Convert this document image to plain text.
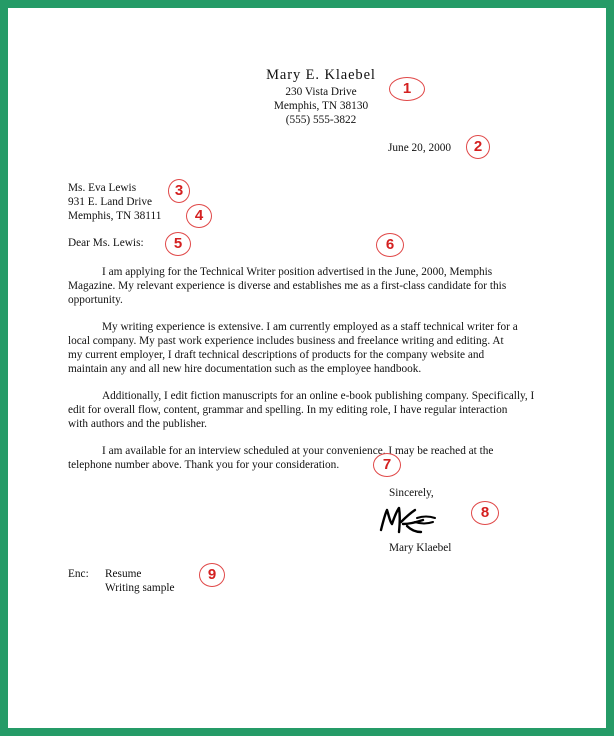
Mary E. Klaebel
230 Vista Drive
Memphis, TN 38130
(555) 555-3822
June 20, 2000
Ms. Eva Lewis
931 E. Land Drive
Memphis, TN 38111
Dear Ms. Lewis:
I am applying for the Technical Writer position advertised in the June, 2000, Memphis
Magazine. My relevant experience is diverse and establishes me as a first-class candidate for this
opportunity.
My writing experience is extensive. I am currently employed as a staff technical writer for a
local company. My past work experience includes business and freelance writing and editing. At
my current employer, I draft technical descriptions of products for the company website and
maintain any and all new hire documentation such as the employee handbook.
Additionally, I edit fiction manuscripts for an online e-book publishing company. Specifically, I
edit for overall flow, content, grammar and spelling. In my editing role, I have regular interaction
with authors and the publisher.
I am available for an interview scheduled at your convenience. I may be reached at the
telephone number above. Thank you for your consideration.
Sincerely,
Mary Klaebel
Enc: Resume
Writing sample
1
2
3
4
5	6
7
8
9
